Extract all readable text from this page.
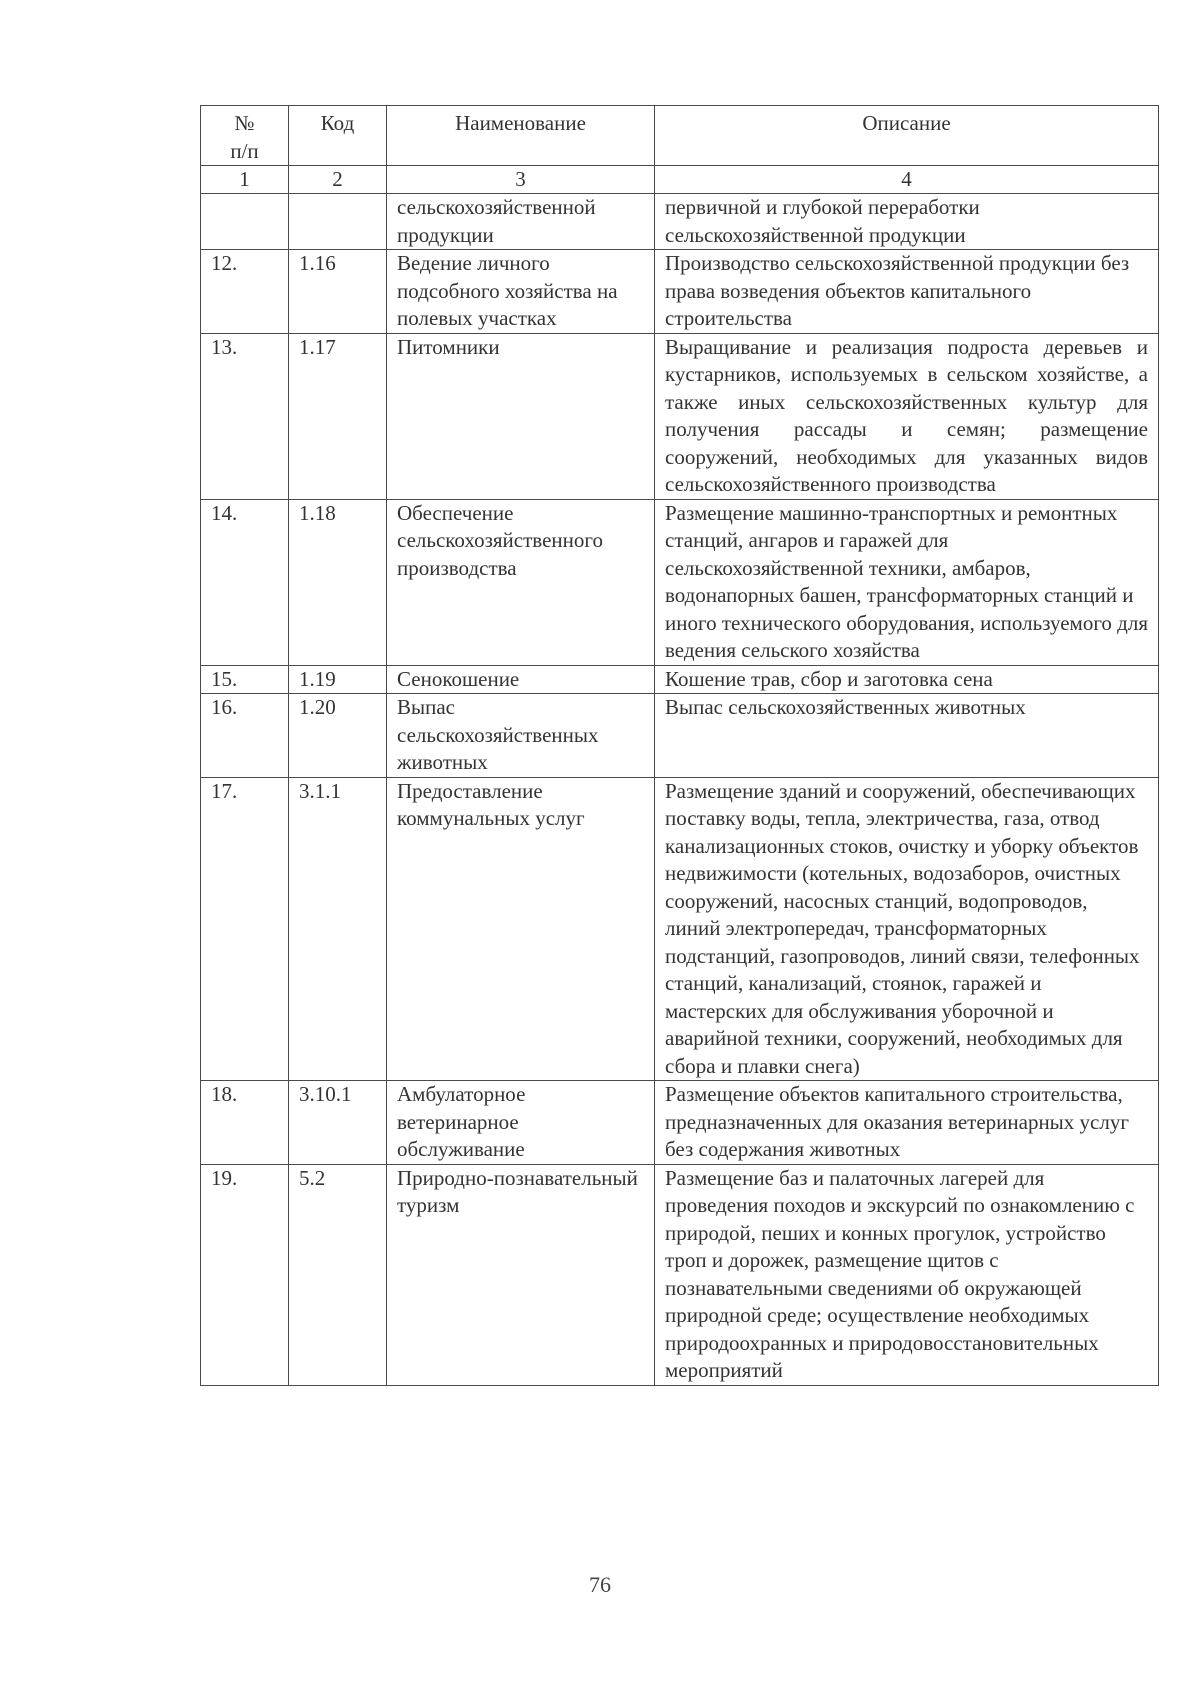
№
п/п	Код	Наименование	Описание
1	2	3	4
		сельскохозяйственной продукции	первичной и глубокой переработки сельскохозяйственной продукции
12.	1.16	Ведение личного подсобного хозяйства на полевых участках	Производство сельскохозяйственной продукции без права возведения объектов капитального строительства
13.	1.17	Питомники	Выращивание и реализация подроста деревьев и кустарников, используемых в сельском хозяйстве, а также иных сельскохозяйственных культур для получения рассады и семян; размещение сооружений, необходимых для указанных видов сельскохозяйственного производства
14.	1.18	Обеспечение сельскохозяйственного производства	Размещение машинно-транспортных и ремонтных станций, ангаров и гаражей для сельскохозяйственной техники, амбаров, водонапорных башен, трансформаторных станций и иного технического оборудования, используемого для ведения сельского хозяйства
15.	1.19	Сенокошение	Кошение трав, сбор и заготовка сена
16.	1.20	Выпас сельскохозяйственных животных	Выпас сельскохозяйственных животных
17.	3.1.1	Предоставление коммунальных услуг	Размещение зданий и сооружений, обеспечивающих поставку воды, тепла, электричества, газа, отвод канализационных стоков, очистку и уборку объектов недвижимости (котельных, водозаборов, очистных сооружений, насосных станций, водопроводов, линий электропередач, трансформаторных подстанций, газопроводов, линий связи, телефонных станций, канализаций, стоянок, гаражей и мастерских для обслуживания уборочной и аварийной техники, сооружений, необходимых для сбора и плавки снега)
18.	3.10.1	Амбулаторное ветеринарное обслуживание	Размещение объектов капитального строительства, предназначенных для оказания ветеринарных услуг без содержания животных
19.	5.2	Природно-познавательный туризм	Размещение баз и палаточных лагерей для проведения походов и экскурсий по ознакомлению с природой, пеших и конных прогулок, устройство троп и дорожек, размещение щитов с познавательными сведениями об окружающей природной среде; осуществление необходимых природоохранных и природовосстановительных мероприятий
76
